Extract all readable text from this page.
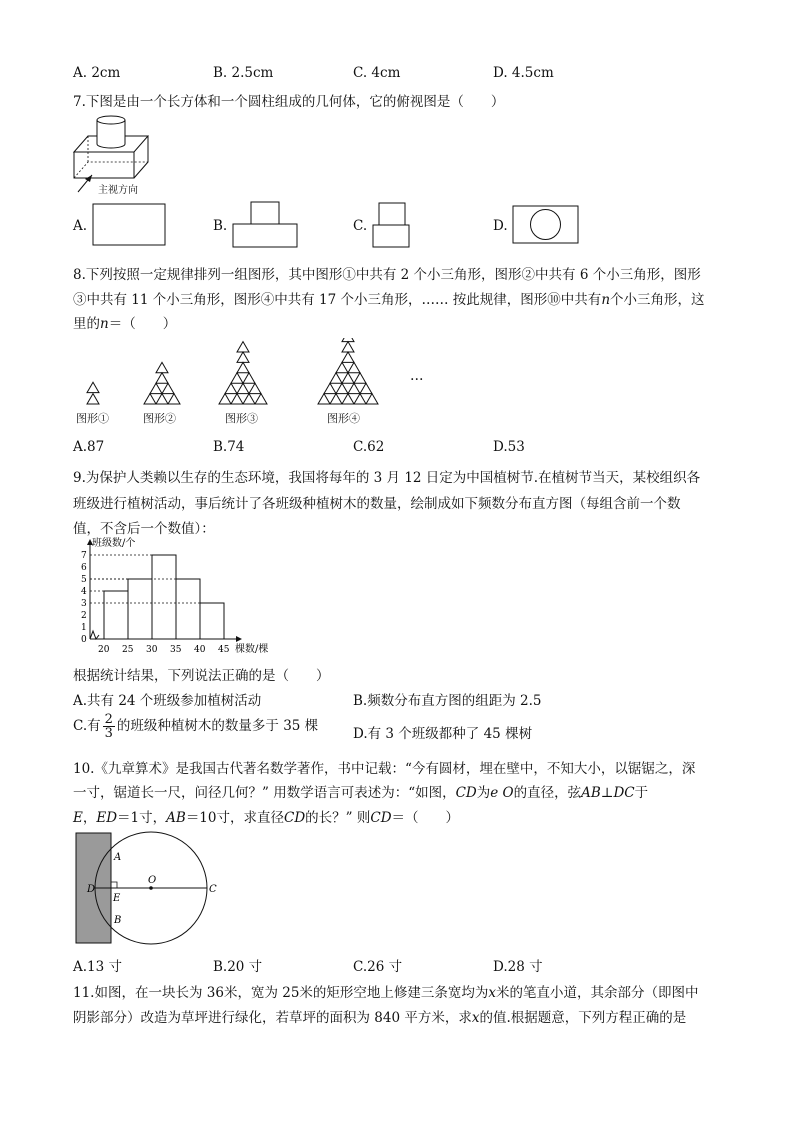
A. 2cm	B. 2.5cm	C. 4cm	D. 4.5cm
7.下图是由一个长方体和一个圆柱组成的几何体，它的俯视图是（　　）
主视方向
A.	B.	C.	D.
8.下列按照一定规律排列一组图形，其中图形①中共有 2 个小三角形，图形②中共有 6 个小三角形，图形
③中共有 11 个小三角形，图形④中共有 17 个小三角形，…… 按此规律，图形⑩中共有n个小三角形，这
里的n＝（　　）
…
图形①	图形②	图形③	图形④
A.87	B.74	C.62	D.53
9.为保护人类赖以生存的生态环境，我国将每年的 3 月 12 日定为中国植树节.在植树节当天，某校组织各
班级进行植树活动，事后统计了各班级种植树木的数量，绘制成如下频数分布直方图（每组含前一个数
值，不含后一个数值）：
班级数/个
棵数/棵
0
1
2
3
4
5
6
7
20 25 30 35 40 45
根据统计结果，下列说法正确的是（　　）
A.共有 24 个班级参加植树活动	B.频数分布直方图的组距为 2.5
C.有 $\frac{2}{3}$ 的班级种植树木的数量多于 35 棵	D.有 3 个班级都种了 45 棵树
10.《九章算术》是我国古代著名数学著作，书中记载：“今有圆材，埋在壁中，不知大小，以锯锯之，深
一寸，锯道长一尺，问径几何？” 用数学语言可表述为：“如图，CD为e O的直径，弦AB⊥DC于
E，ED＝1寸，AB＝10寸，求直径CD的长？” 则CD＝（　　）
A
B
C
D
E
O
A.13 寸	B.20 寸	C.26 寸	D.28 寸
11.如图，在一块长为 36米，宽为 25米的矩形空地上修建三条宽均为x米的笔直小道，其余部分（即图中
阴影部分）改造为草坪进行绿化，若草坪的面积为 840 平方米，求x的值.根据题意，下列方程正确的是
